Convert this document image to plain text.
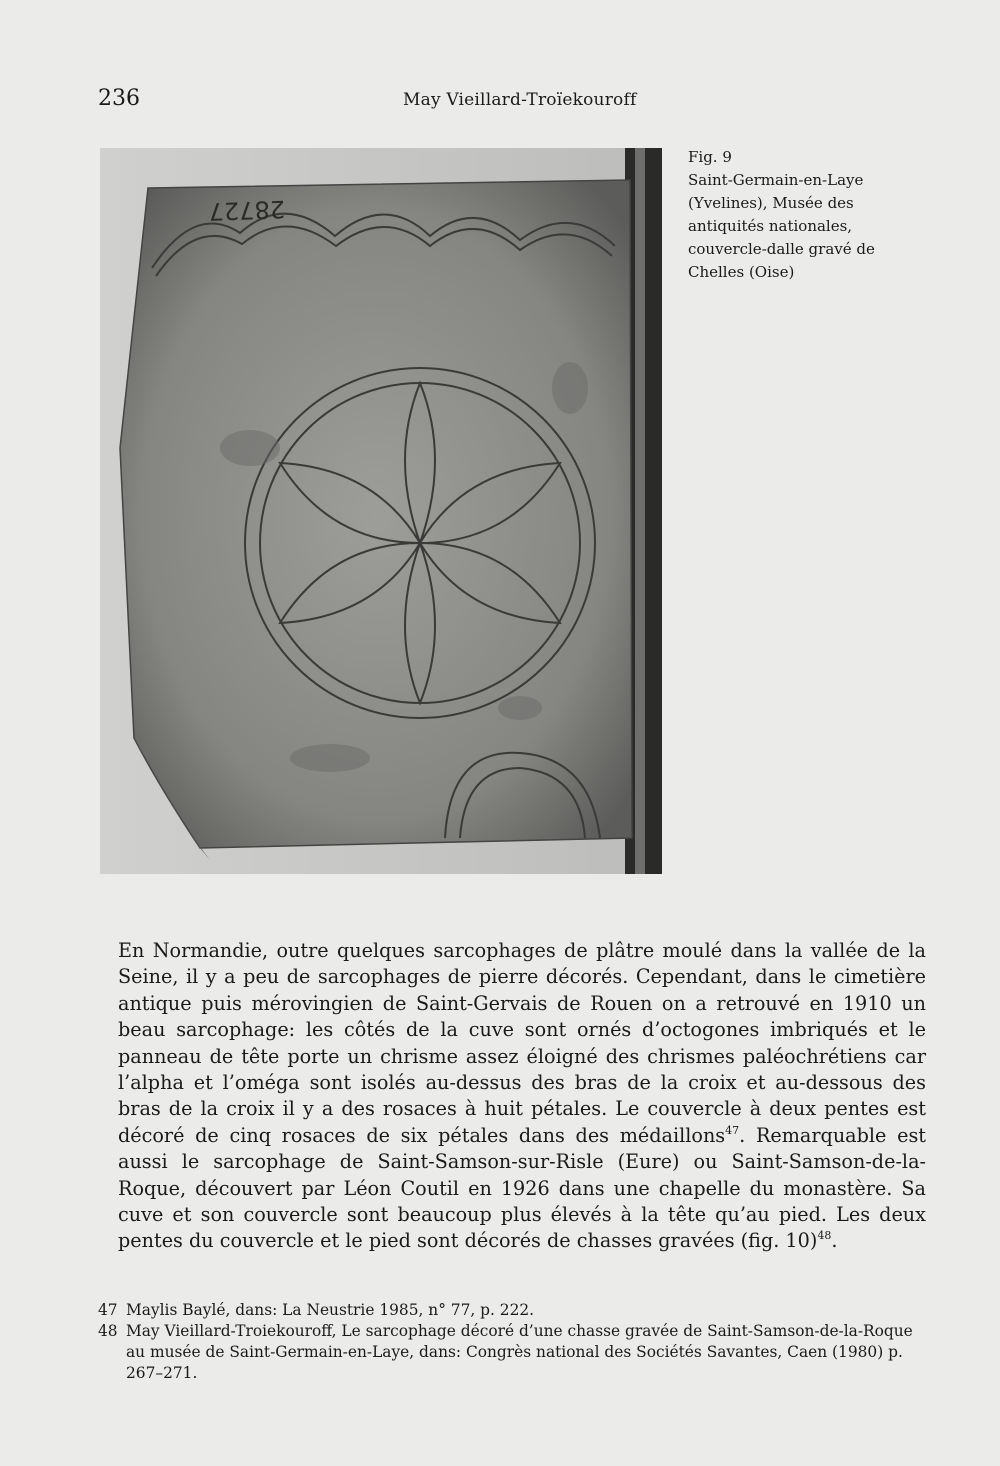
236	May Vieillard-Troïekouroff
28727
Fig. 9
Saint-Germain-en-Laye (Yvelines), Musée des antiquités nationales, couvercle-dalle gravé de Chelles (Oise)

En Normandie, outre quelques sarcophages de plâtre moulé dans la vallée de la Seine, il y a peu de sarcophages de pierre décorés. Cependant, dans le cimetière antique puis mérovingien de Saint-Gervais de Rouen on a retrouvé en 1910 un beau sarcophage: les côtés de la cuve sont ornés d’octogones imbriqués et le panneau de tête porte un chrisme assez éloigné des chrismes paléochrétiens car l’alpha et l’oméga sont isolés au-dessus des bras de la croix et au-dessous des bras de la croix il y a des rosaces à huit pétales. Le couvercle à deux pentes est décoré de cinq rosaces de six pétales dans des médaillons$^{47}$. Remarquable est aussi le sarcophage de Saint-Samson-sur-Risle (Eure) ou Saint-Samson-de-la-Roque, découvert par Léon Coutil en 1926 dans une chapelle du monastère. Sa cuve et son couvercle sont beaucoup plus élevés à la tête qu’au pied. Les deux pentes du couvercle et le pied sont décorés de chasses gravées (fig. 10)$^{48}$.

47 Maylis Baylé, dans: La Neustrie 1985, n° 77, p. 222.
48 May Vieillard-Troiekouroff, Le sarcophage décoré d’une chasse gravée de Saint-Samson-de-la-Roque au musée de Saint-Germain-en-Laye, dans: Congrès national des Sociétés Savantes, Caen (1980) p. 267–271.
